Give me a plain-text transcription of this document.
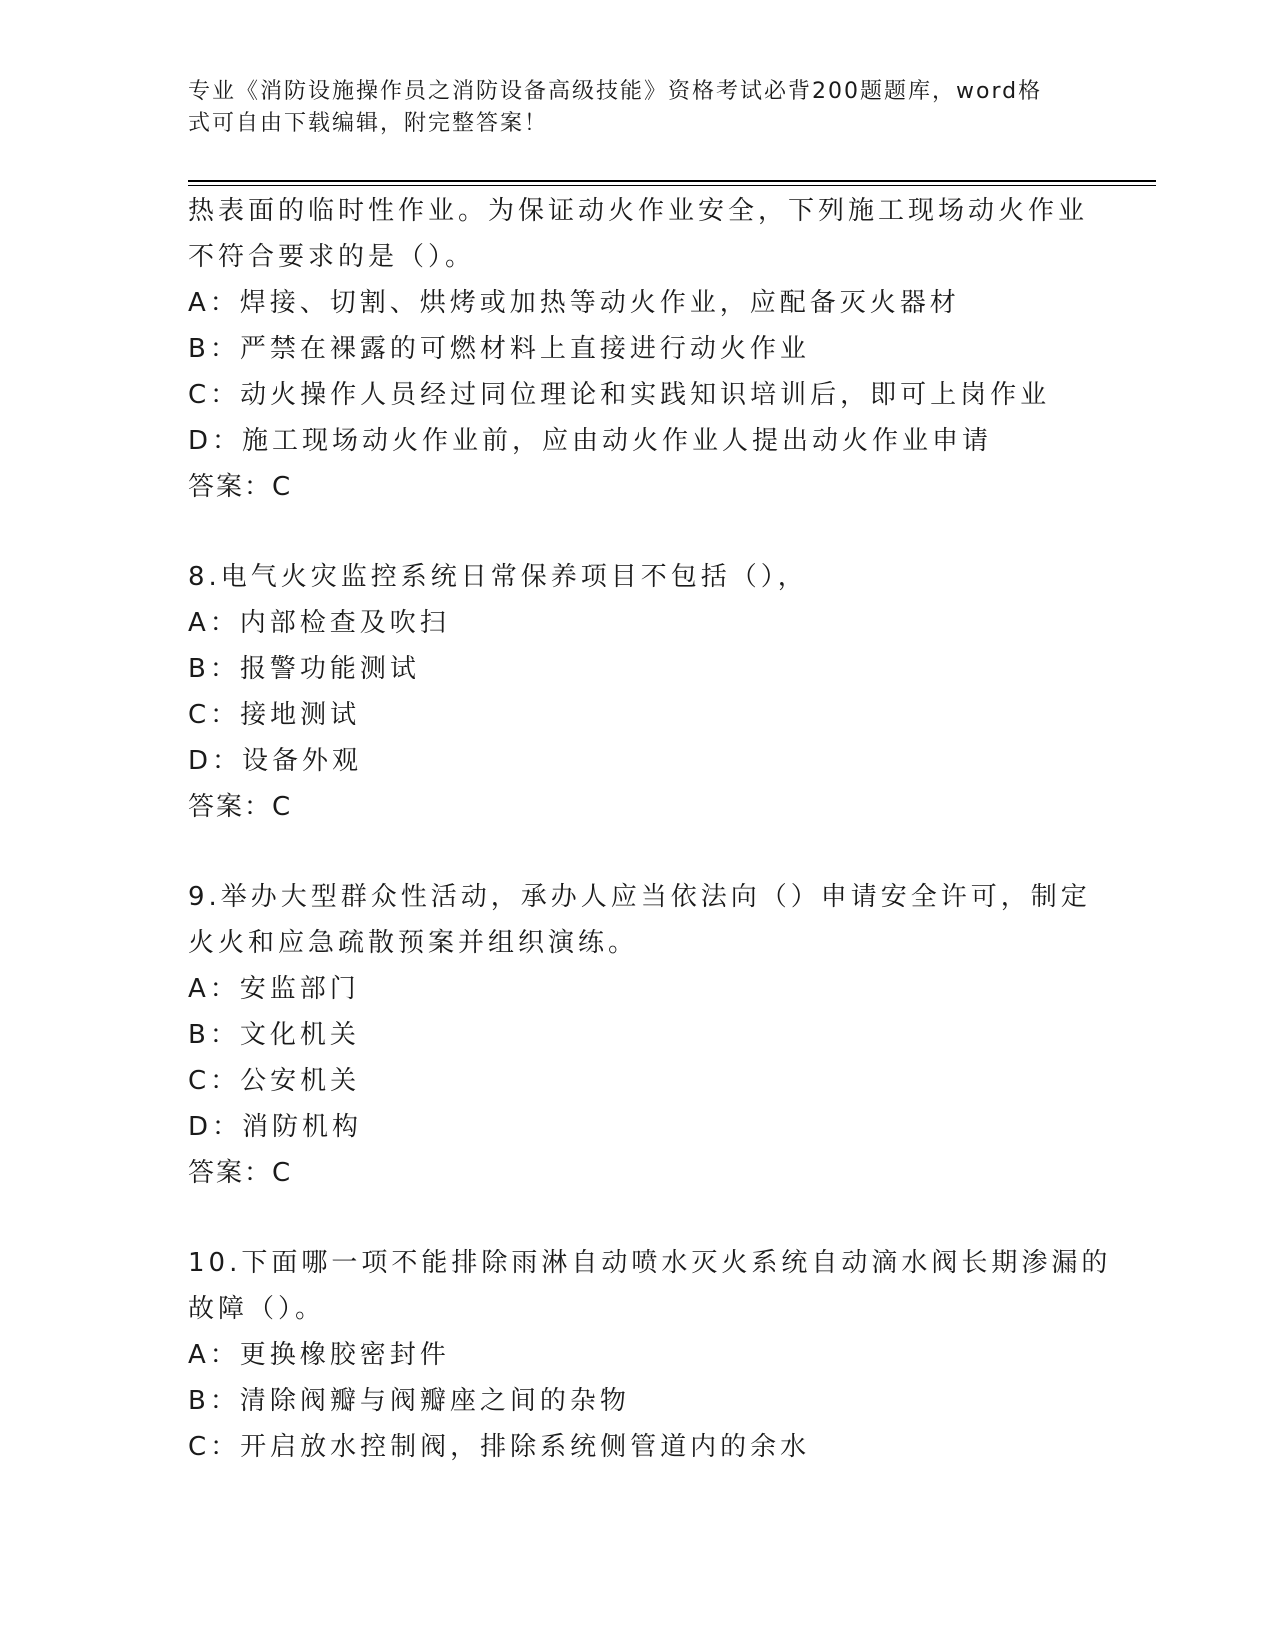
专业《消防设施操作员之消防设备高级技能》资格考试必背200题题库，word格
式可自由下载编辑，附完整答案！
热表面的临时性作业。为保证动火作业安全，下列施工现场动火作业
不符合要求的是（）。
A：焊接、切割、烘烤或加热等动火作业，应配备灭火器材
B：严禁在裸露的可燃材料上直接进行动火作业
C：动火操作人员经过同位理论和实践知识培训后，即可上岗作业
D：施工现场动火作业前，应由动火作业人提出动火作业申请
答案：C
8.电气火灾监控系统日常保养项目不包括（），
A：内部检查及吹扫
B：报警功能测试
C：接地测试
D：设备外观
答案：C
9.举办大型群众性活动，承办人应当依法向（）申请安全许可，制定
火火和应急疏散预案并组织演练。
A：安监部门
B：文化机关
C：公安机关
D：消防机构
答案：C
10.下面哪一项不能排除雨淋自动喷水灭火系统自动滴水阀长期渗漏的
故障（）。
A：更换橡胶密封件
B：清除阀瓣与阀瓣座之间的杂物
C：开启放水控制阀，排除系统侧管道内的余水
